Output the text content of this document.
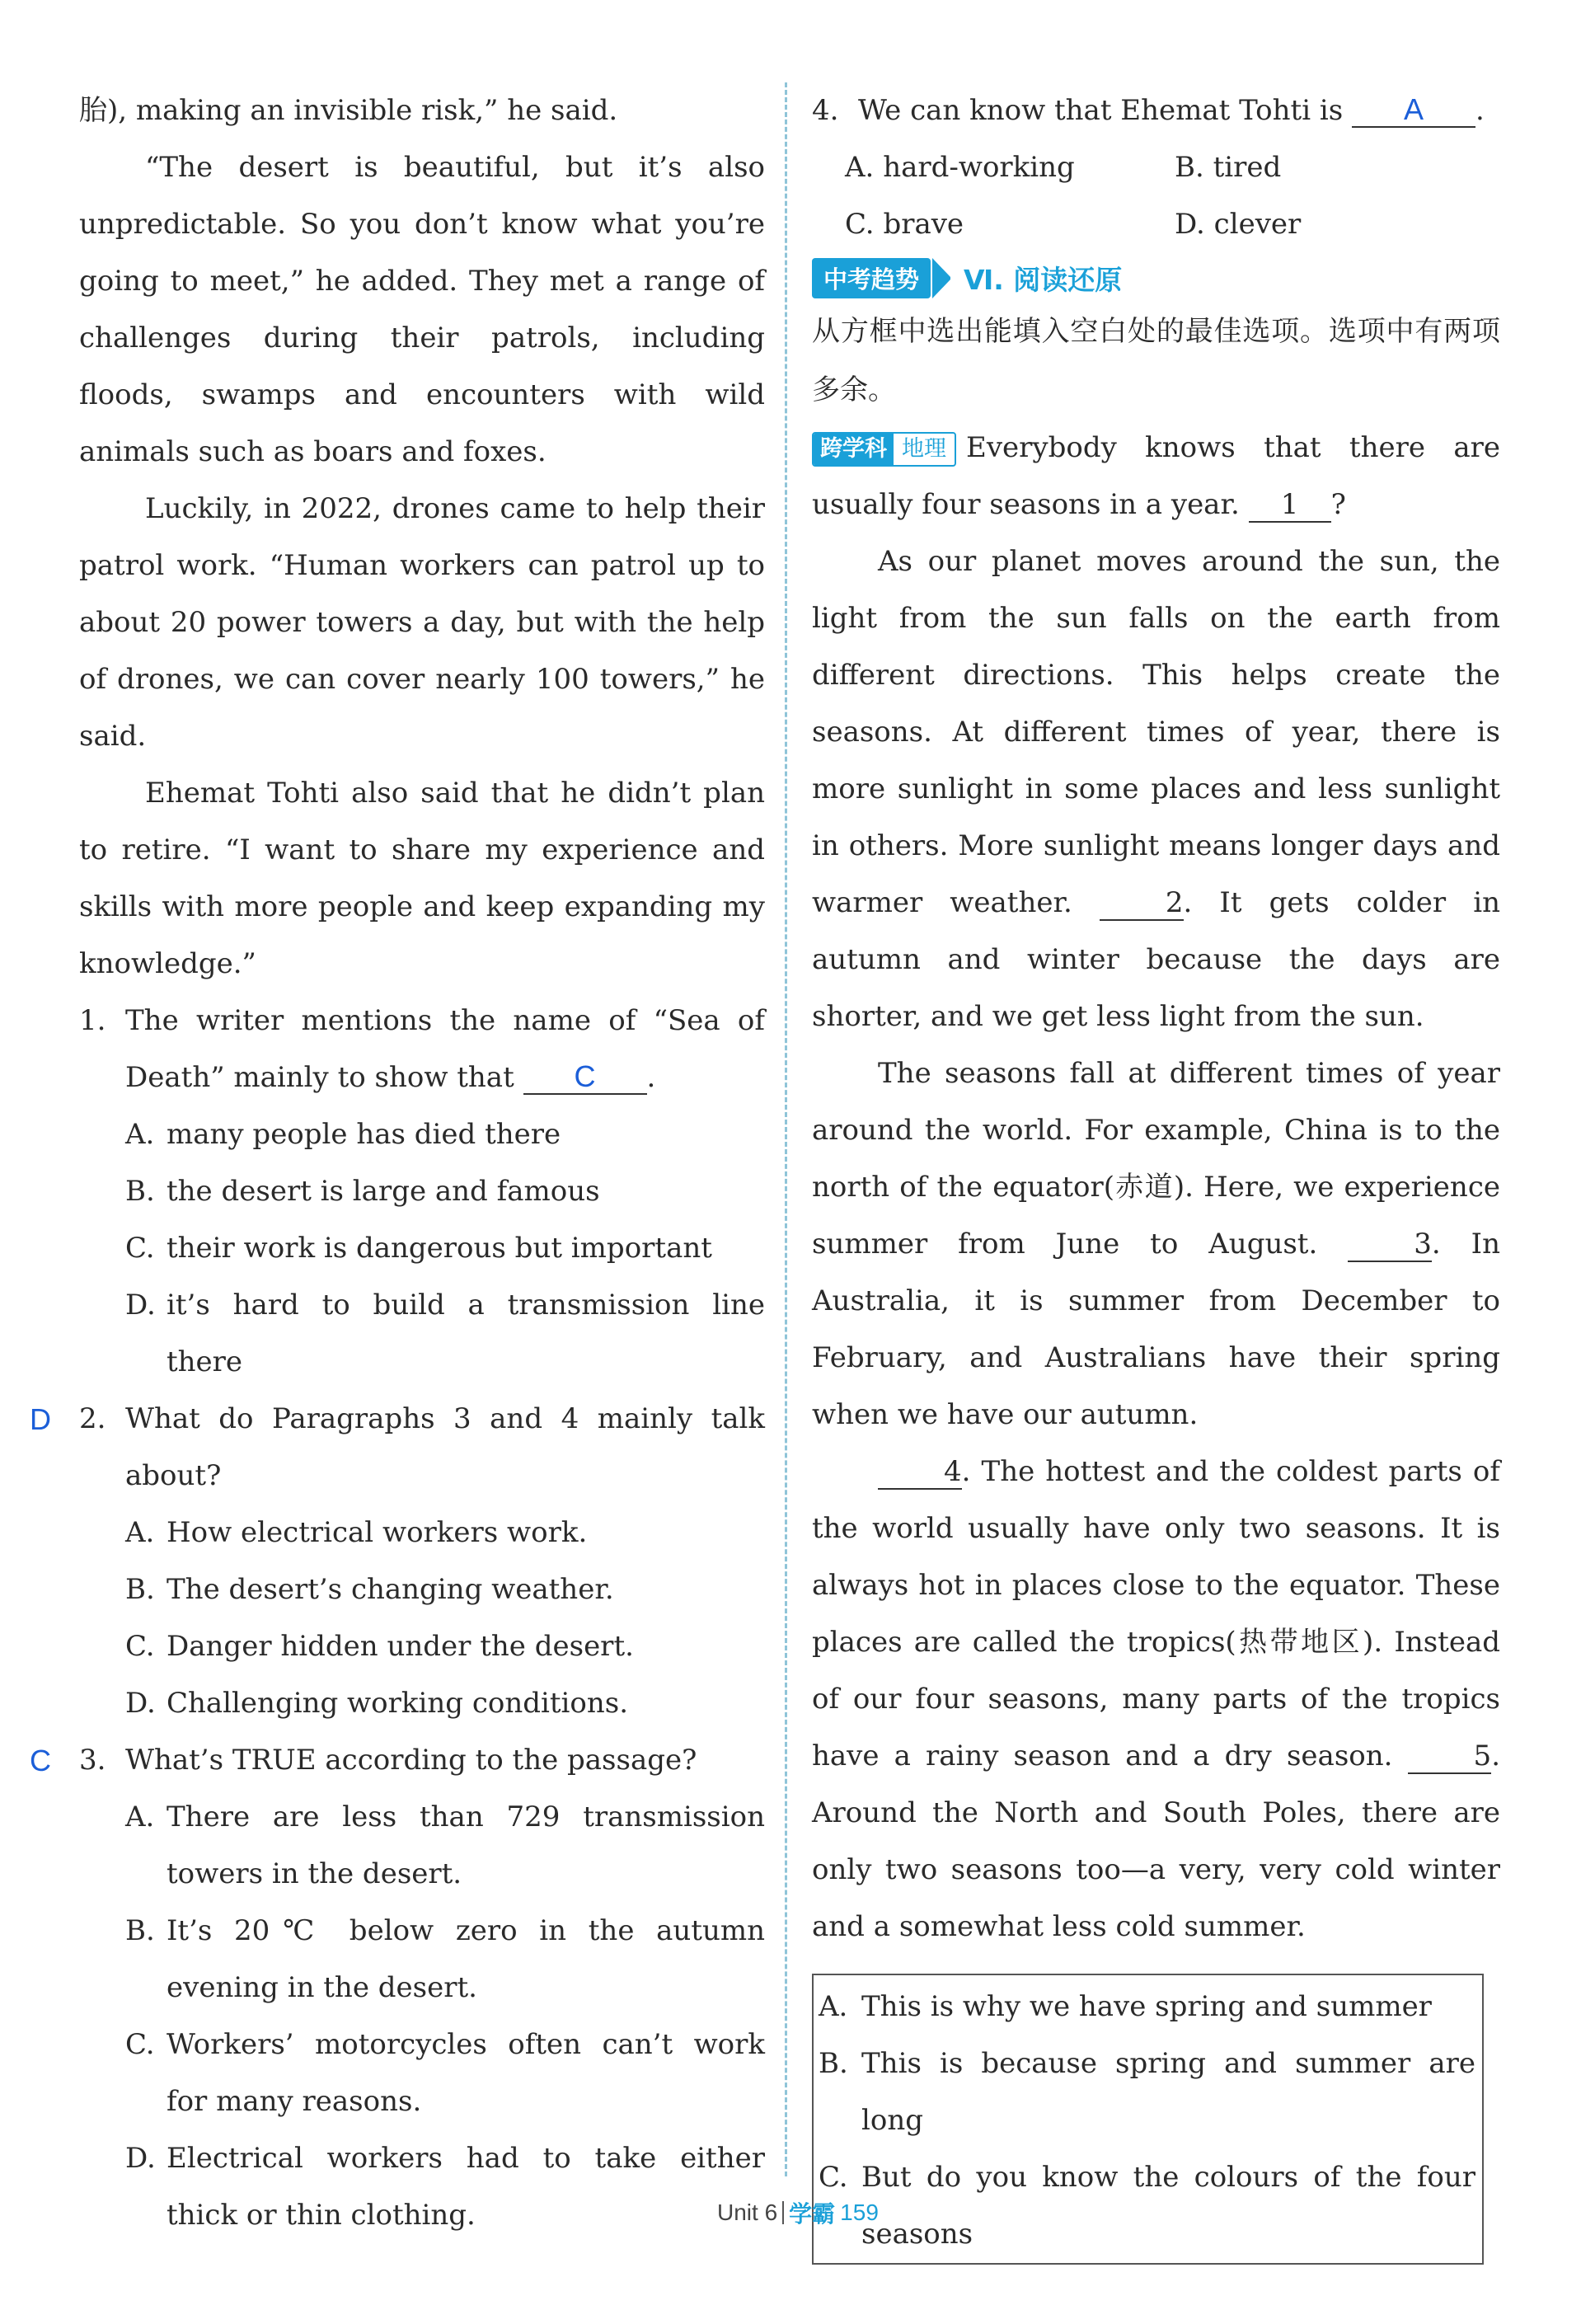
胎), making an invisible risk,” he said.

“The desert is beautiful, but it’s also unpredictable. So you don’t know what you’re going to meet,” he added. They met a range of challenges during their patrols, including floods, swamps and encounters with wild animals such as boars and foxes.

Luckily, in 2022, drones came to help their patrol work. “Human workers can patrol up to about 20 power towers a day, but with the help of drones, we can cover nearly 100 towers,” he said.

Ehemat Tohti also said that he didn’t plan to retire. “I want to share my experience and skills with more people and keep expanding my knowledge.”

1. The writer mentions the name of “Sea of Death” mainly to show that C .
A. many people has died there
B. the desert is large and famous
C. their work is dangerous but important
D. it’s hard to build a transmission line there
D 2. What do Paragraphs 3 and 4 mainly talk about?
A. How electrical workers work.
B. The desert’s changing weather.
C. Danger hidden under the desert.
D. Challenging working conditions.
C 3. What’s TRUE according to the passage?
A. There are less than 729 transmission towers in the desert.
B. It’s 20℃ below zero in the autumn evening in the desert.
C. Workers’ motorcycles often can’t work for many reasons.
D. Electrical workers had to take either thick or thin clothing.
4. We can know that Ehemat Tohti is A .
A. hard-working	B. tired
C. brave	D. clever
中考趋势	Ⅵ. 阅读还原

从方框中选出能填入空白处的最佳选项。选项中有两项多余。

跨学科 地理 Everybody knows that there are usually four seasons in a year. 1 ?

As our planet moves around the sun, the light from the sun falls on the earth from different directions. This helps create the seasons. At different times of year, there is more sunlight in some places and less sunlight in others. More sunlight means longer days and warmer weather.	2. It gets colder in autumn and winter because the days are shorter, and we get less light from the sun.

The seasons fall at different times of year around the world. For example, China is to the north of the equator(赤道). Here, we experience summer from June to August.	3. In Australia, it is summer from December to February, and Australians have their spring when we have our autumn.

4. The hottest and the coldest parts of the world usually have only two seasons. It is always hot in places close to the equator. These places are called the tropics(热带地区). Instead of our four seasons, many parts of the tropics have a rainy season and a dry season.	5. Around the North and South Poles, there are only two seasons too—a very, very cold winter and a somewhat less cold summer.

A. This is why we have spring and summer
B. This is because spring and summer are long
C. But do you know the colours of the four seasons
Unit 6 学霸 159
